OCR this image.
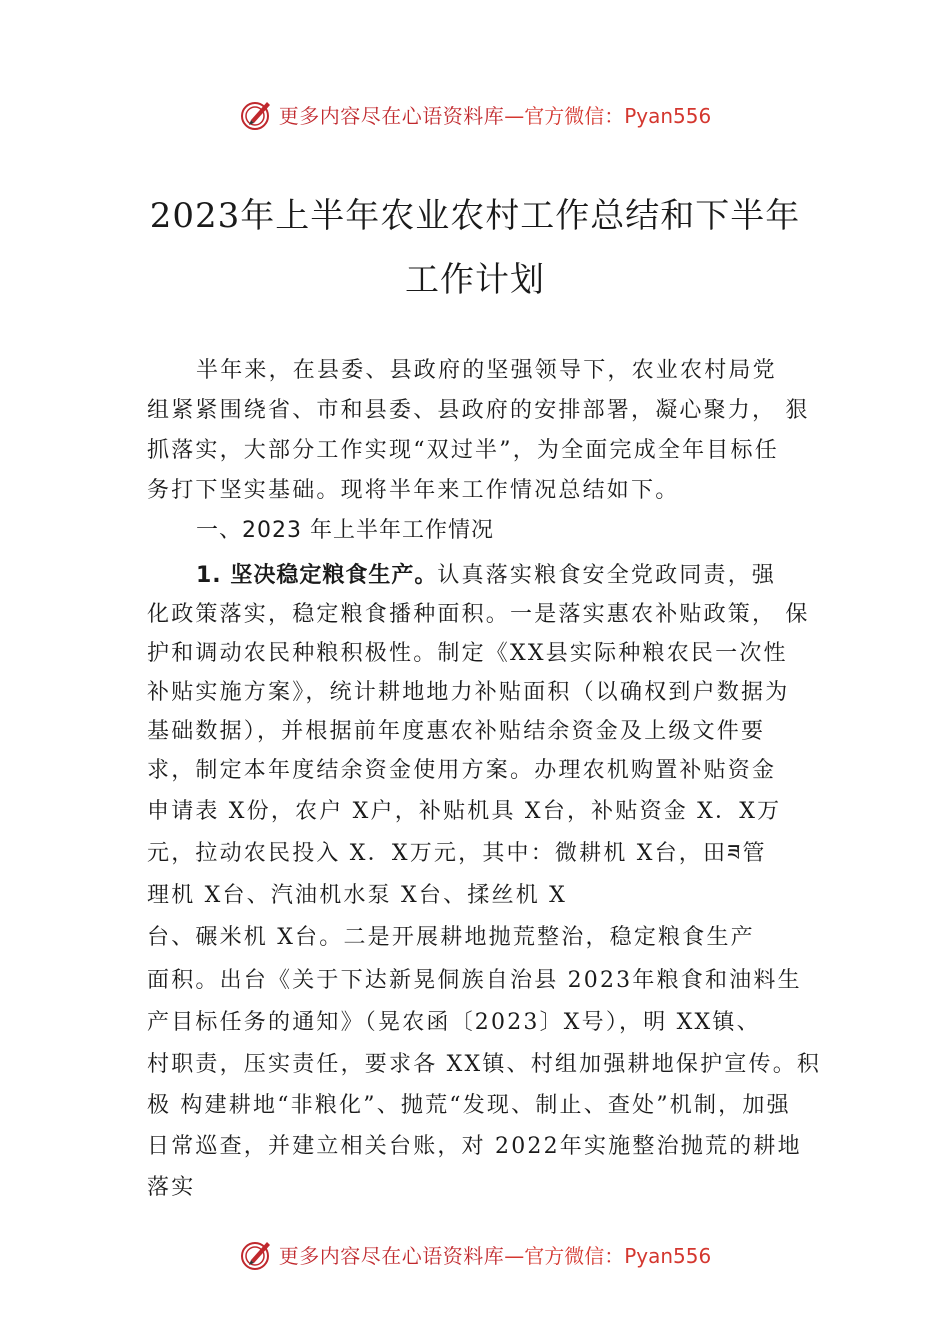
更多内容尽在心语资料库 —官方微信：Pyan556
2023年上半年农业农村工作总结和下半年
工作计划
半年来，在县委、县政府的坚强领导下，农业农村局党
组紧紧围绕省、市和县委、县政府的安排部署，凝心聚力， 狠
抓落实，大部分工作实现“双过半”，为全面完成全年目标任
务打下坚实基础。现将半年来工作情况总结如下。
一、2023 年上半年工作情况
1. 坚决稳定粮食生产。认真落实粮食安全党政同责，强
化政策落实，稳定粮食播种面积。一是落实惠农补贴政策， 保
护和调动农民种粮积极性。制定《XX县实际种粮农民一次性
补贴实施方案》，统计耕地地力补贴面积（以确权到户数据为
基础数据），并根据前年度惠农补贴结余资金及上级文件要
求，制定本年度结余资金使用方案。办理农机购置补贴资金
申请表 X份，农户 X户，补贴机具 X台，补贴资金 X．X万
元，拉动农民投入 X．X万元，其中：微耕机 X台，田ཟ管
理机 X台、汽油机水泵 X台、揉丝机 X
台、碾米机 X台。二是开展耕地抛荒整治，稳定粮食生产
面积。出台《关于下达新晃侗族自治县 2023年粮食和油料生
产目标任务的通知》（晃农函〔2023〕X号），明 XX镇、
村职责，压实责任，要求各 XX镇、村组加强耕地保护宣传。积
极 构建耕地“非粮化”、抛荒“发现、制止、查处”机制，加强
日常巡查，并建立相关台账，对 2022年实施整治抛荒的耕地
落实
更多内容尽在心语资料库 —官方微信：Pyan556
